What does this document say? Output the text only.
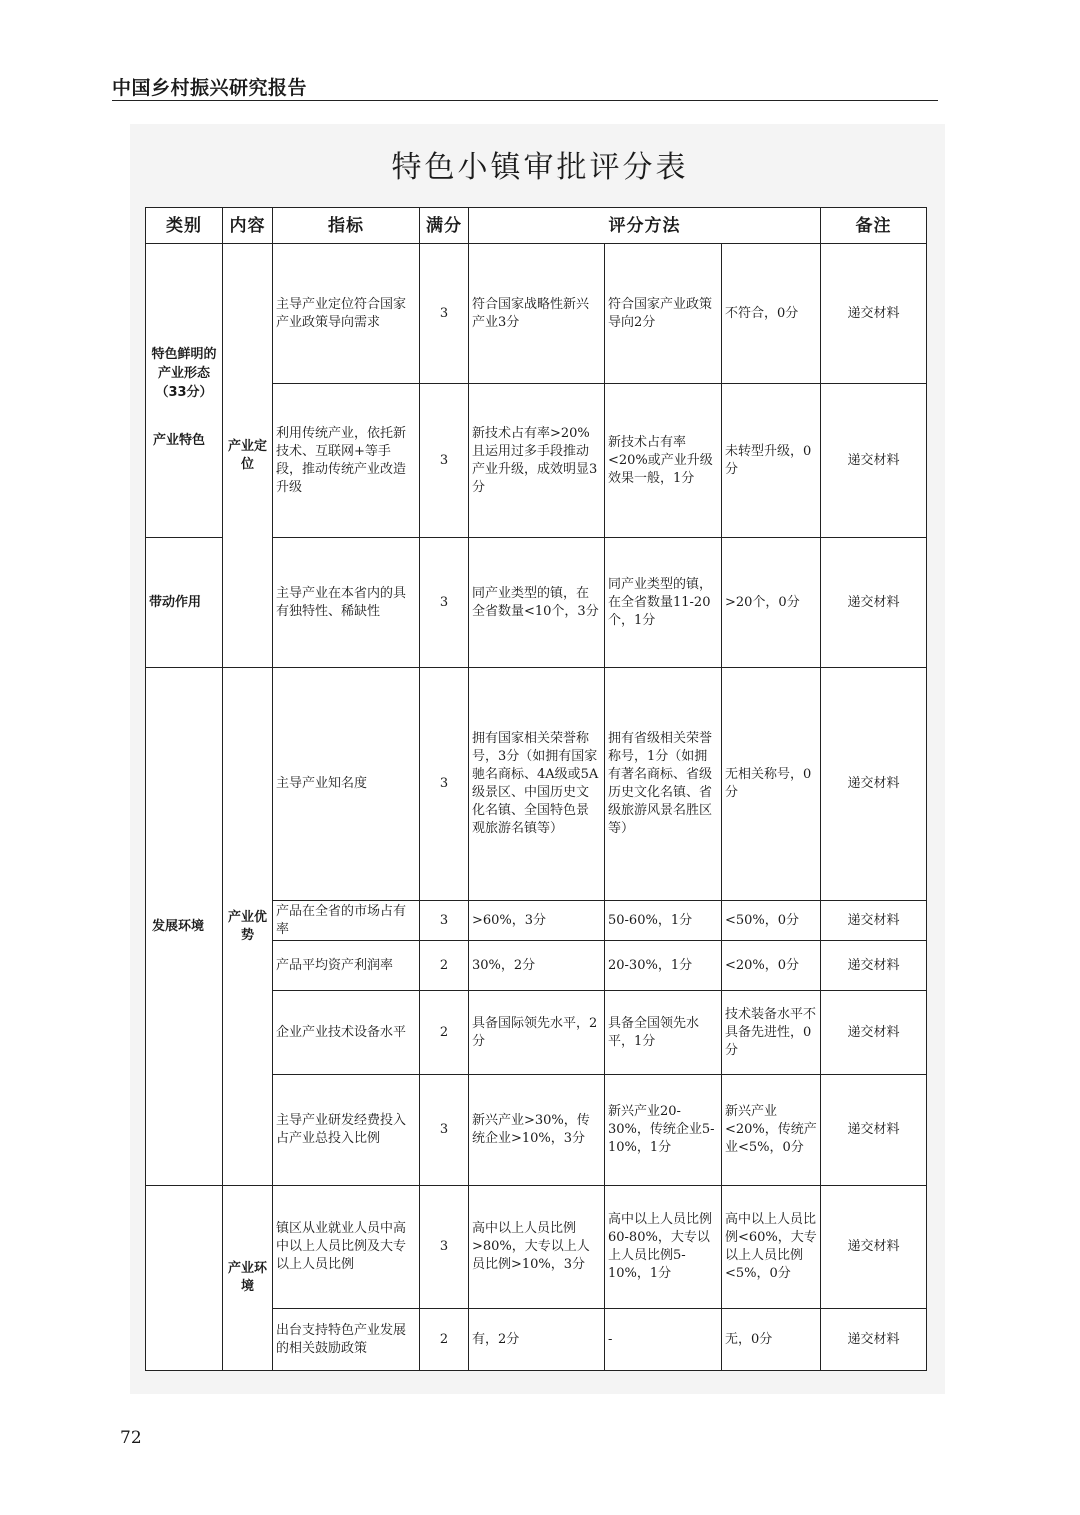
中国乡村振兴研究报告
特色小镇审批评分表
类别	内容	指标	满分	评分方法			备注

特色鲜明的产业形态（33分）
产业特色	产业定位	主导产业定位符合国家产业政策导向需求	3	符合国家战略性新兴产业3分	符合国家产业政策导向2分	不符合，0分	递交材料
		利用传统产业，依托新技术、互联网+等手段，推动传统产业改造升级	3	新技术占有率>20%且运用过多手段推动产业升级，成效明显3分	新技术占有率<20%或产业升级效果一般，1分	未转型升级，0分	递交材料
带动作用		主导产业在本省内的具有独特性、稀缺性	3	同产业类型的镇，在全省数量<10个，3分	同产业类型的镇，在全省数量11-20个，1分	>20个，0分	递交材料
发展环境	产业优势	主导产业知名度	3	拥有国家相关荣誉称号，3分（如拥有国家驰名商标、4A级或5A级景区、中国历史文化名镇、全国特色景观旅游名镇等）	拥有省级相关荣誉称号，1分（如拥有著名商标、省级历史文化名镇、省级旅游风景名胜区等）	无相关称号，0分	递交材料
		产品在全省的市场占有率	3	>60%，3分	50-60%，1分	<50%，0分	递交材料
		产品平均资产利润率	2	30%，2分	20-30%，1分	<20%，0分	递交材料
		企业产业技术设备水平	2	具备国际领先水平，2分	具备全国领先水平，1分	技术装备水平不具备先进性，0分	递交材料
		主导产业研发经费投入占产业总投入比例	3	新兴产业>30%，传统企业>10%，3分	新兴产业20-30%，传统企业5-10%，1分	新兴产业<20%，传统产业<5%，0分	递交材料
	产业环境	镇区从业就业人员中高中以上人员比例及大专以上人员比例	3	高中以上人员比例>80%，大专以上人员比例>10%，3分	高中以上人员比例60-80%，大专以上人员比例5-10%，1分	高中以上人员比例<60%，大专以上人员比例<5%，0分	递交材料
		出台支持特色产业发展的相关鼓励政策	2	有，2分	-	无，0分	递交材料
72
